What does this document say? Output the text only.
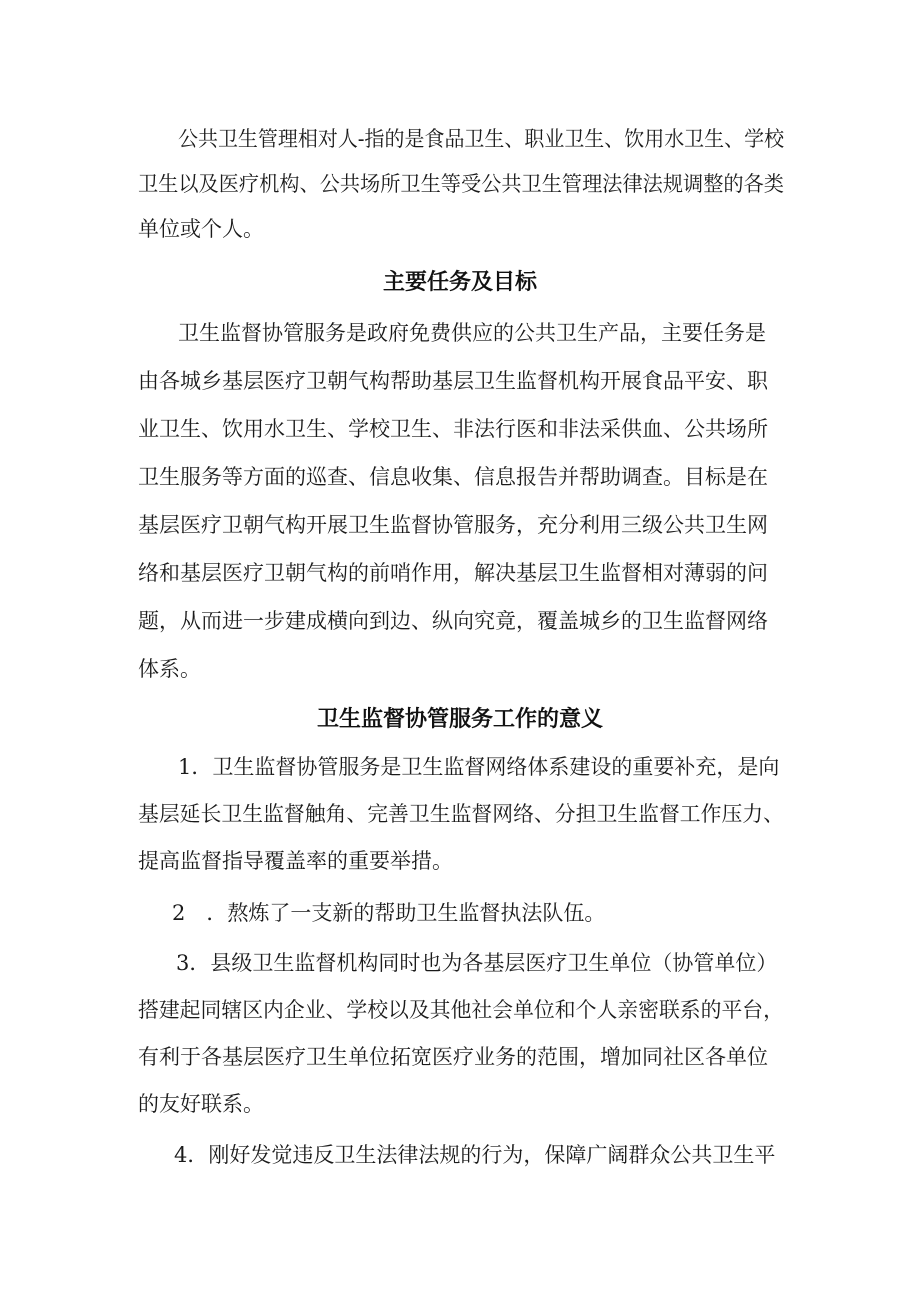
公共卫生管理相对人-指的是食品卫生、职业卫生、饮用水卫生、学校

卫生以及医疗机构、公共场所卫生等受公共卫生管理法律法规调整的各类

单位或个人。

主要任务及目标

卫生监督协管服务是政府免费供应的公共卫生产品，主要任务是

由各城乡基层医疗卫朝气构帮助基层卫生监督机构开展食品平安、职

业卫生、饮用水卫生、学校卫生、非法行医和非法采供血、公共场所

卫生服务等方面的巡查、信息收集、信息报告并帮助调查。目标是在

基层医疗卫朝气构开展卫生监督协管服务，充分利用三级公共卫生网

络和基层医疗卫朝气构的前哨作用，解决基层卫生监督相对薄弱的问

题，从而进一步建成横向到边、纵向究竟，覆盖城乡的卫生监督网络

体系。

卫生监督协管服务工作的意义

1．卫生监督协管服务是卫生监督网络体系建设的重要补充，是向

基层延长卫生监督触角、完善卫生监督网络、分担卫生监督工作压力、

提高监督指导覆盖率的重要举措。

2　．熬炼了一支新的帮助卫生监督执法队伍。

3．县级卫生监督机构同时也为各基层医疗卫生单位（协管单位）

搭建起同辖区内企业、学校以及其他社会单位和个人亲密联系的平台，

有利于各基层医疗卫生单位拓宽医疗业务的范围，增加同社区各单位

的友好联系。

4．刚好发觉违反卫生法律法规的行为，保障广阔群众公共卫生平
